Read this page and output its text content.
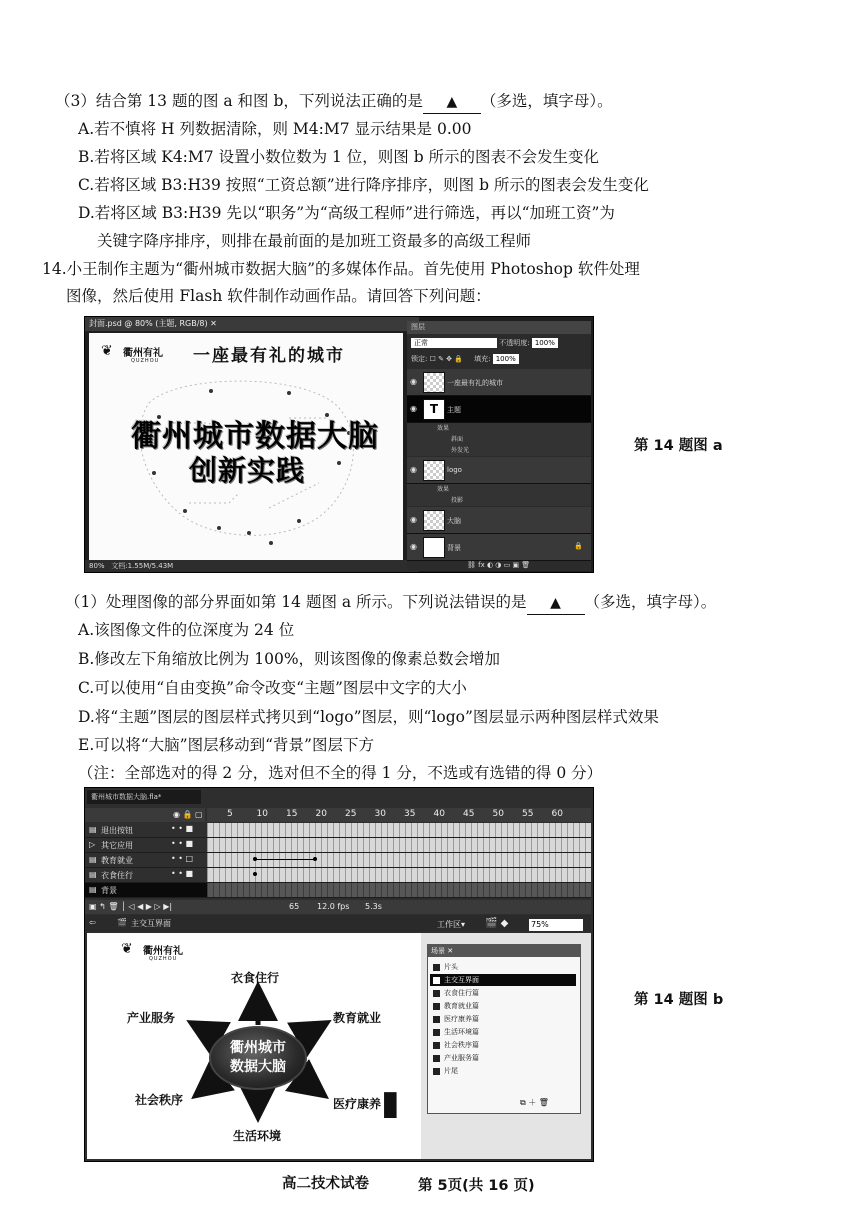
（3）结合第 13 题的图 a 和图 b，下列说法正确的是 ▲ （多选，填字母）。
A.若不慎将 H 列数据清除，则 M4:M7 显示结果是 0.00
B.若将区域 K4:M7 设置小数位数为 1 位，则图 b 所示的图表不会发生变化
C.若将区域 B3:H39 按照“工资总额”进行降序排序，则图 b 所示的图表会发生变化
D.若将区域 B3:H39 先以“职务”为“高级工程师”进行筛选，再以“加班工资”为
关键字降序排序，则排在最前面的是加班工资最多的高级工程师
14.小王制作主题为“衢州城市数据大脑”的多媒体作品。首先使用 Photoshop 软件处理
图像，然后使用 Flash 软件制作动画作品。请回答下列问题：
封面.psd @ 80% (主题, RGB/8) ✕
❦ 衢州有礼
QUZHOU 一座最有礼的城市
衢州城市数据大脑
创新实践
80% 文档:1.55M/5.43M
图层
正常	不透明度: 100%
锁定: ☐ ✎ ✥ 🔒     填充: 100%
◉	一座最有礼的城市
◉	T	主题
效果
斜面
外发光
◉	logo
效果
投影
◉	大脑
◉	背景	🔒
⛓ fx ◐ ◑ ▭ ▣ 🗑
第 14 题图 a
（1）处理图像的部分界面如第 14 题图 a 所示。下列说法错误的是 ▲ （多选，填字母）。
A.该图像文件的位深度为 24 位
B.修改左下角缩放比例为 100%，则该图像的像素总数会增加
C.可以使用“自由变换”命令改变“主题”图层中文字的大小
D.将“主题”图层的图层样式拷贝到“logo”图层，则“logo”图层显示两种图层样式效果
E.可以将“大脑”图层移动到“背景”图层下方
（注：全部选对的得 2 分，选对但不全的得 1 分，不选或有选错的得 0 分）
衢州城市数据大脑.fla*
◉ 🔒 ▢	5	10 15 20 25 30 35 40 45 50 55 60
▤ 退出按钮	• • ■
▷ 其它应用	• • ■
▤ 教育就业	• • □
▤ 衣食住行	• • ■
▤ 背景
▣ ↰ 🗑 │ ◁ ◀ ▶ ▷ ▶|	65 12.0 fps 5.3s
⇦	🎬 主交互界面	工作区▾ 🎬 ◆	75%
❦ 衢州有礼
QUZHOU
衢州城市
数据大脑
衣食住行
产业服务	教育就业
社会秩序	医疗康养
生活环境
▮
场景 ✕
片头
主交互界面
衣食住行篇
教育就业篇
医疗康养篇
生活环境篇
社会秩序篇
产业服务篇
片尾
⧉ ＋ 🗑
第 14 题图 b
高二技术试卷	第 5页(共 16 页)
